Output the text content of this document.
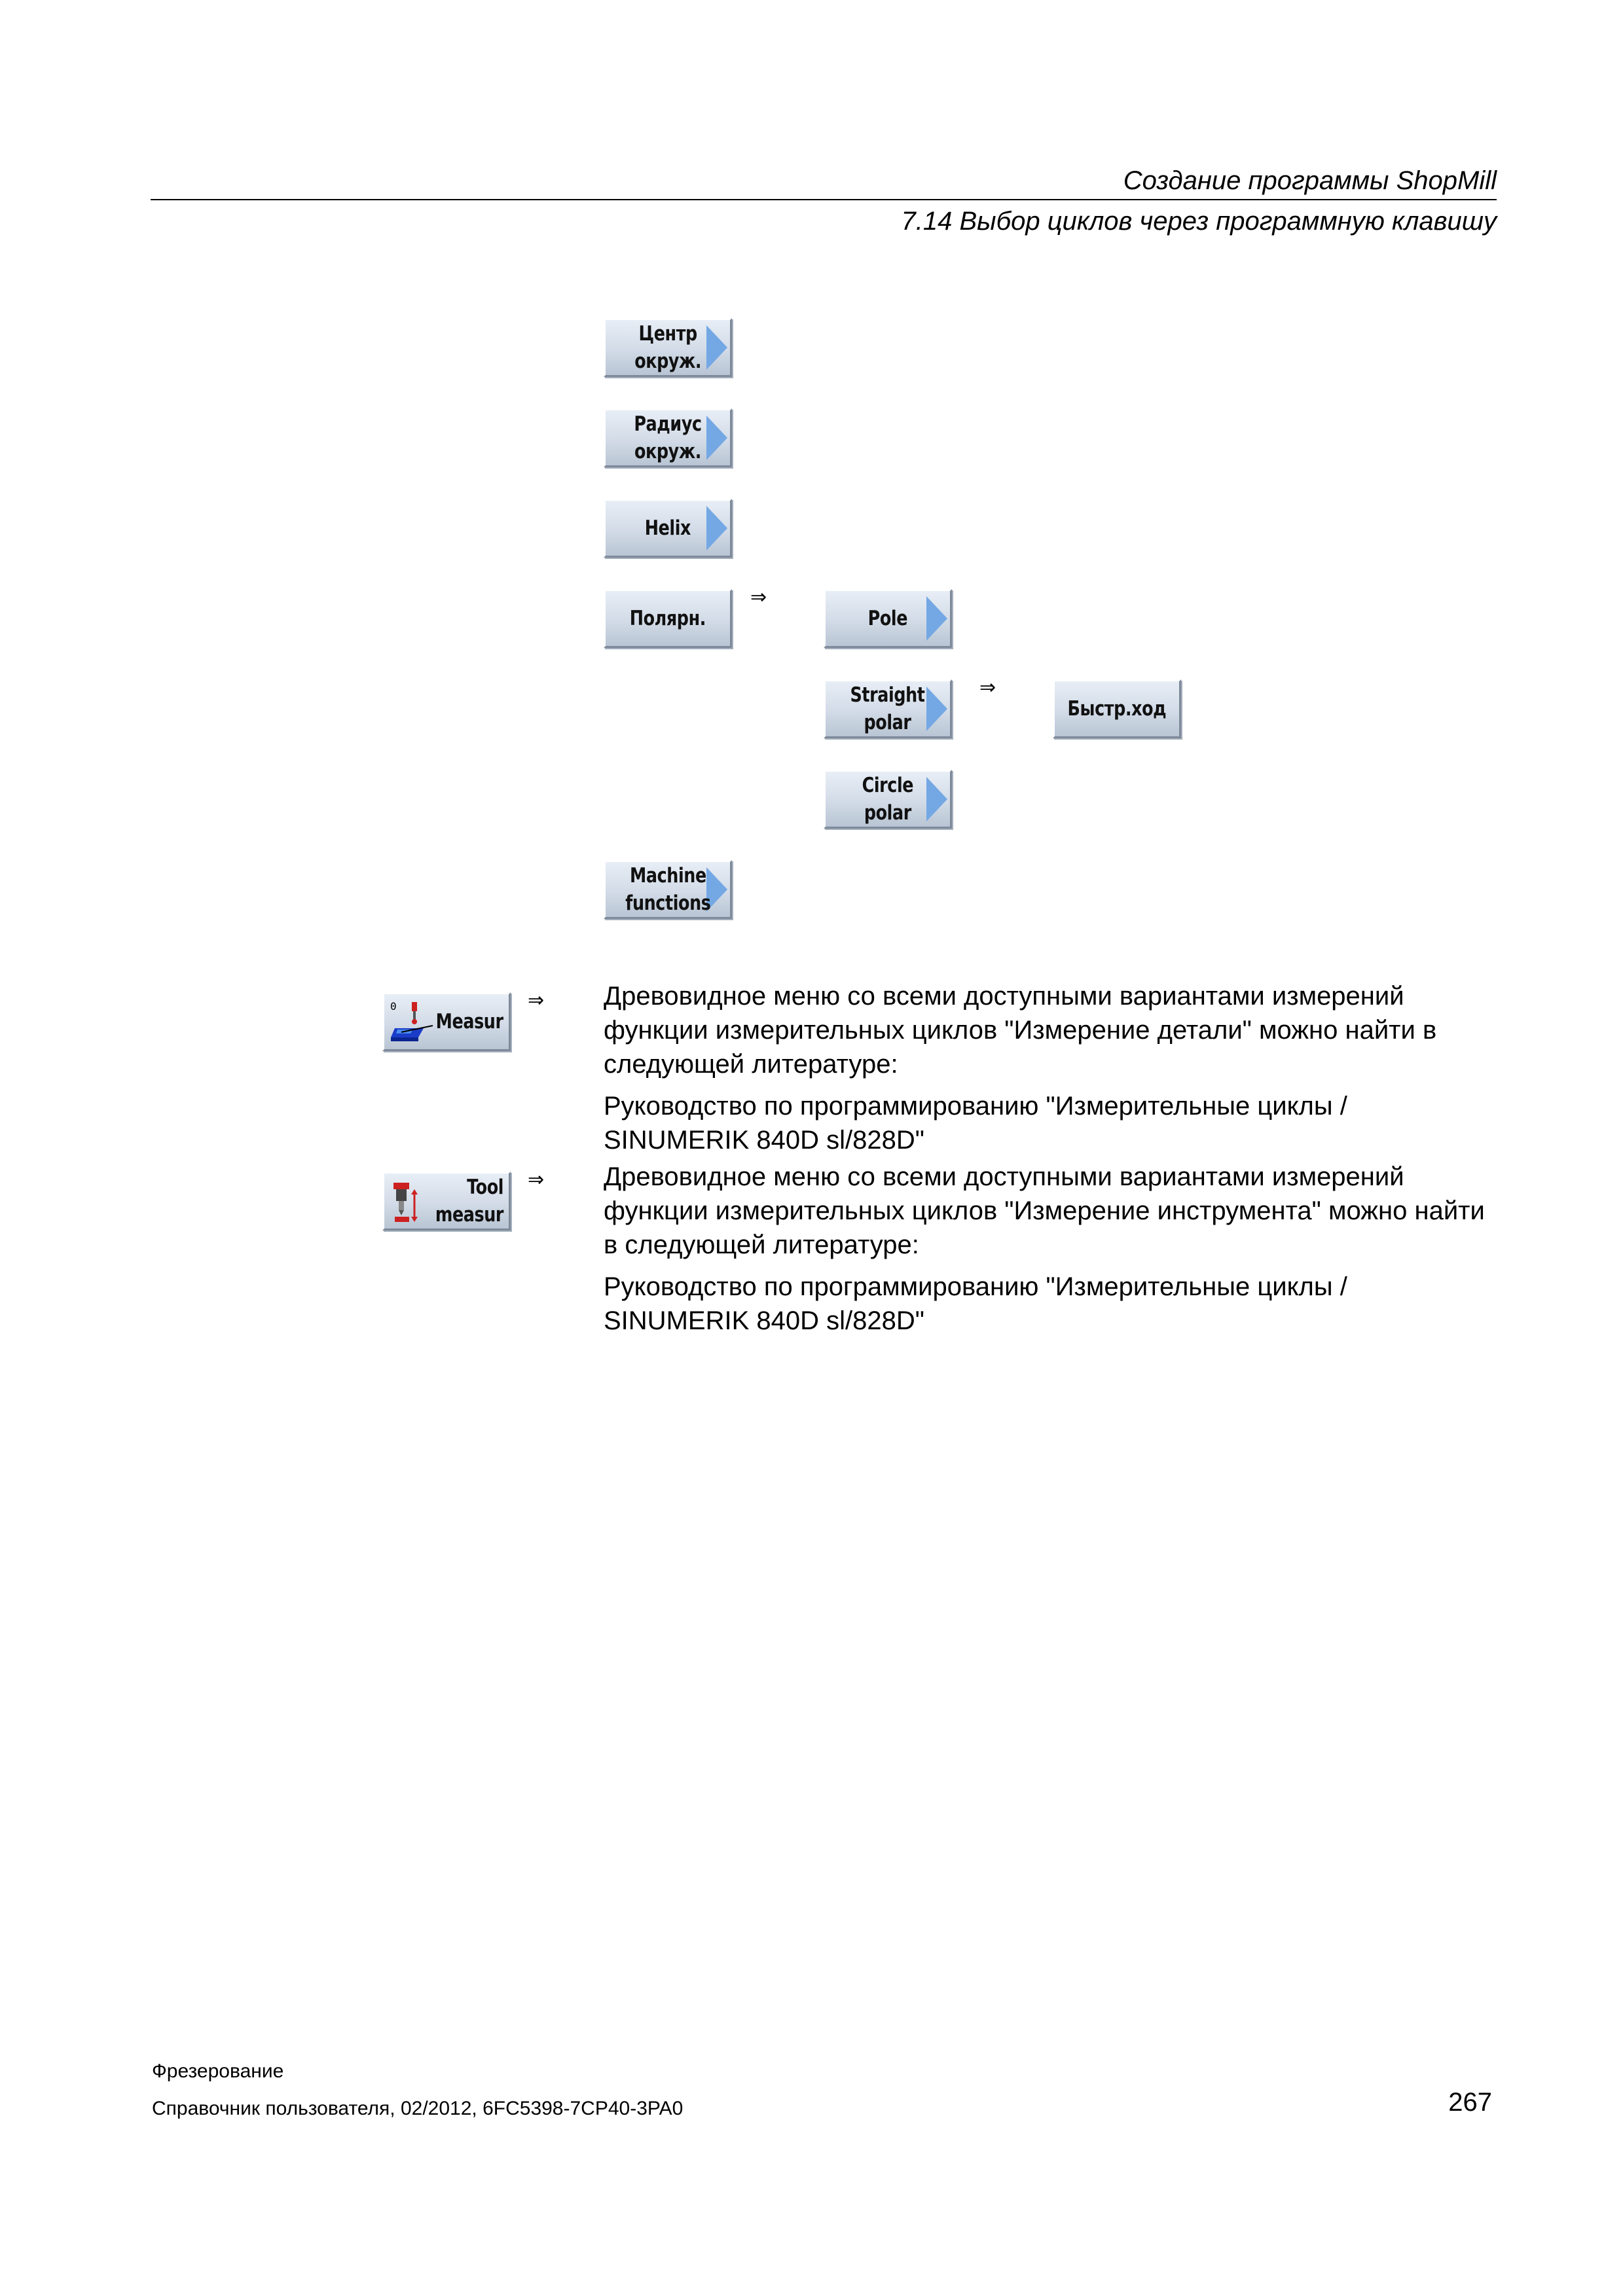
Создание программы ShopMill
7.14 Выбор циклов через программную клавишу
Центр
окруж.
Радиус
окруж.
Helix
Полярн.
⇒
Pole
Straight
polar
⇒
Быстр.ход
Circle
polar
Machine
functions
0
Measur
⇒ Древовидное меню со всеми доступными вариантами измерений функции измерительных циклов "Измерение детали" можно найти в следующей литературе:
Руководство по программированию "Измерительные циклы / SINUMERIK 840D sl/828D"
Tool
measur
⇒ Древовидное меню со всеми доступными вариантами измерений функции измерительных циклов "Измерение инструмента" можно найти в следующей литературе:
Руководство по программированию "Измерительные циклы / SINUMERIK 840D sl/828D"
Фрезерование
Справочник пользователя, 02/2012, 6FC5398-7CP40-3PA0	267
